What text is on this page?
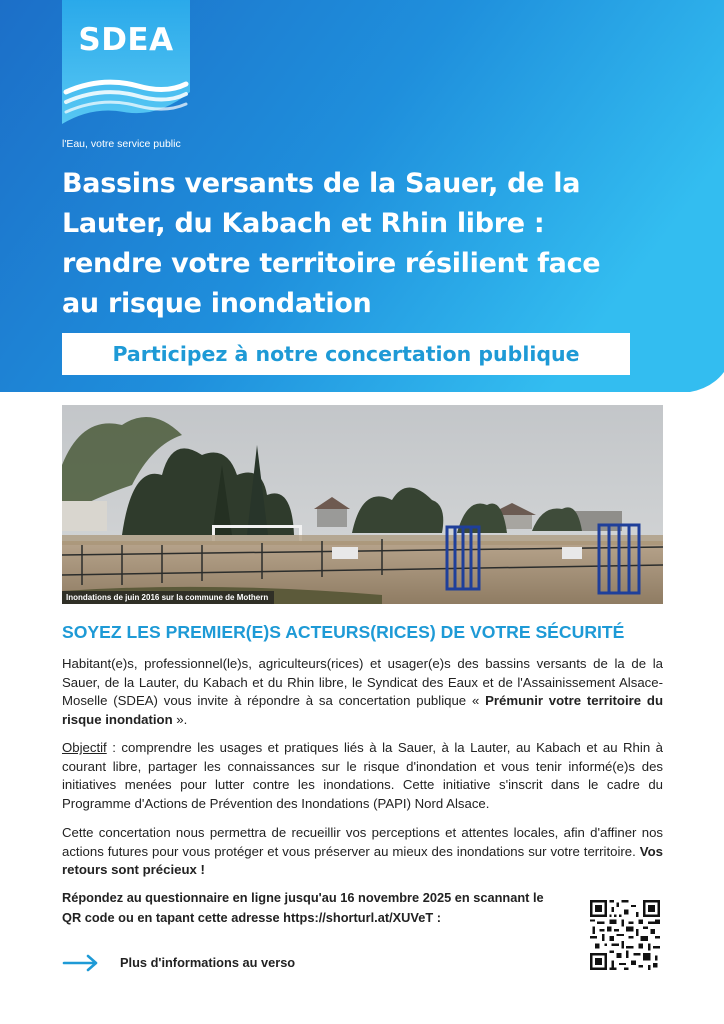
SDEA
l'Eau, votre service public
Bassins versants de la Sauer, de la
Lauter, du Kabach et Rhin libre :
rendre votre territoire résilient face
au risque inondation
Participez à notre concertation publique
Inondations de juin 2016 sur la commune de Mothern
SOYEZ LES PREMIER(E)S ACTEURS(RICES) DE VOTRE SÉCURITÉ

Habitant(e)s, professionnel(le)s, agriculteurs(rices) et usager(e)s des bassins versants de la de la Sauer, de la Lauter, du Kabach et du Rhin libre, le Syndicat des Eaux et de l'Assainissement Alsace-Moselle (SDEA) vous invite à répondre à sa concertation publique « Prémunir votre territoire du risque inondation ».

Objectif : comprendre les usages et pratiques liés à la Sauer, à la Lauter, au Kabach et au Rhin à courant libre, partager les connaissances sur le risque d'inondation et vous tenir informé(e)s des initiatives menées pour lutter contre les inondations. Cette initiative s'inscrit dans le cadre du Programme d'Actions de Prévention des Inondations (PAPI) Nord Alsace.

Cette concertation nous permettra de recueillir vos perceptions et attentes locales, afin d'affiner nos actions futures pour vous protéger et vous préserver au mieux des inondations sur votre territoire. Vos retours sont précieux !

Répondez au questionnaire en ligne jusqu'au 16 novembre 2025 en scannant le QR code ou en tapant cette adresse https://shorturl.at/XUVeT :

Plus d'informations au verso
